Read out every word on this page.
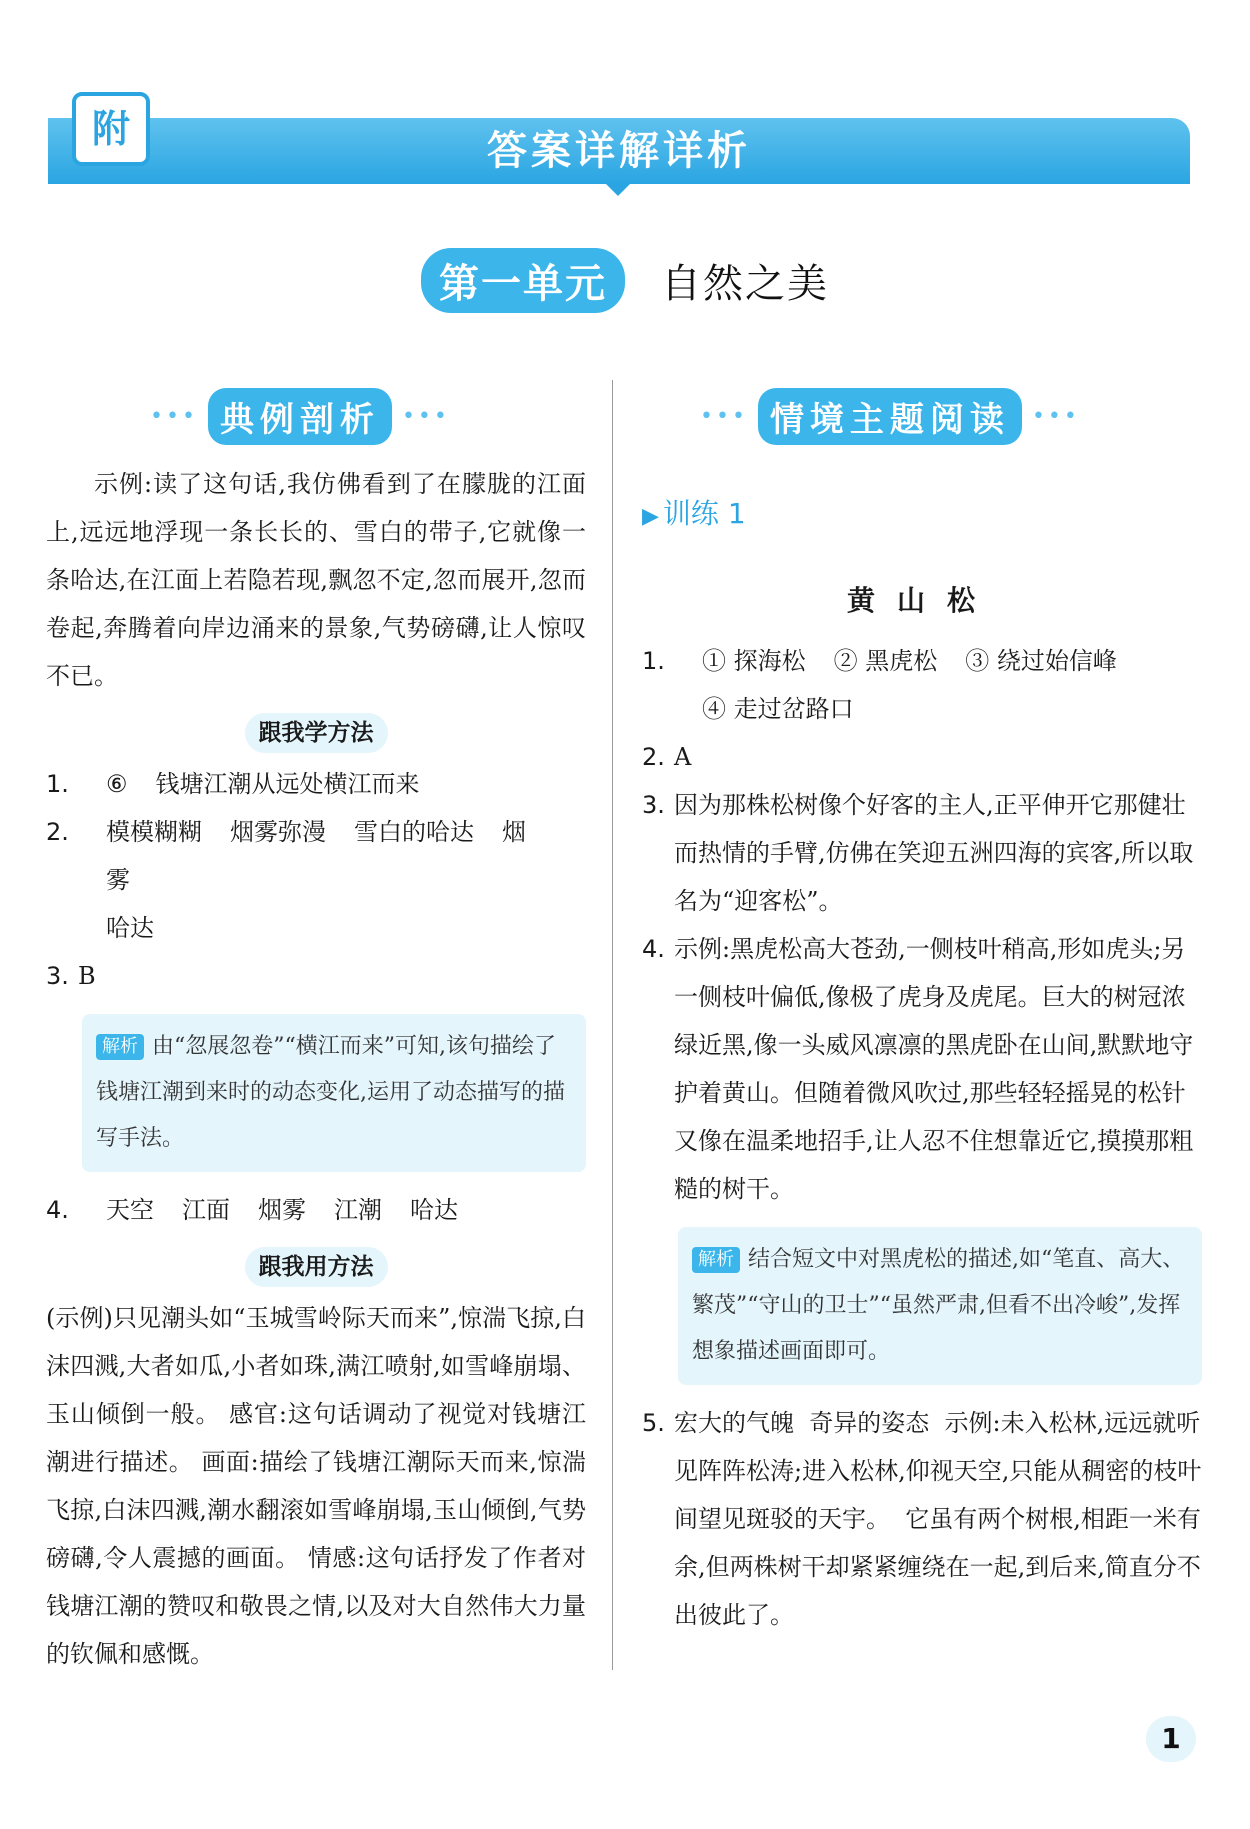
答案详解详析
附
第一单元	自然之美
••• 典例剖析	•••	••• 情境主题阅读	•••

示例:读了这句话,我仿佛看到了在朦胧的江面上,远远地浮现一条长长的、雪白的带子,它就像一条哈达,在江面上若隐若现,飘忽不定,忽而展开,忽而卷起,奔腾着向岸边涌来的景象,气势磅礴,让人惊叹不已。

跟我学方法
1.	⑥ 钱塘江潮从远处横江而来
2.	模模糊糊 烟雾弥漫 雪白的哈达 烟雾
哈达
3. B
解析 由“忽展忽卷”“横江而来”可知,该句描绘了钱塘江潮到来时的动态变化,运用了动态描写的描写手法。
4.	天空 江面 烟雾 江潮 哈达
跟我用方法

(示例)只见潮头如“玉城雪岭际天而来”,惊湍飞掠,白沫四溅,大者如瓜,小者如珠,满江喷射,如雪峰崩塌、玉山倾倒一般。 感官:这句话调动了视觉对钱塘江潮进行描述。 画面:描绘了钱塘江潮际天而来,惊湍飞掠,白沫四溅,潮水翻滚如雪峰崩塌,玉山倾倒,气势磅礴,令人震撼的画面。 情感:这句话抒发了作者对钱塘江潮的赞叹和敬畏之情,以及对大自然伟大力量的钦佩和感慨。

▶ 训练 1
黄山松
1.	① 探海松 ② 黑虎松 ③ 绕过始信峰
④ 走过岔路口
2. A
3. 因为那株松树像个好客的主人,正平伸开它那健壮而热情的手臂,仿佛在笑迎五洲四海的宾客,所以取名为“迎客松”。
4. 示例:黑虎松高大苍劲,一侧枝叶稍高,形如虎头;另一侧枝叶偏低,像极了虎身及虎尾。巨大的树冠浓绿近黑,像一头威风凛凛的黑虎卧在山间,默默地守护着黄山。但随着微风吹过,那些轻轻摇晃的松针又像在温柔地招手,让人忍不住想靠近它,摸摸那粗糙的树干。
解析 结合短文中对黑虎松的描述,如“笔直、高大、繁茂”“守山的卫士”“虽然严肃,但看不出冷峻”,发挥想象描述画面即可。
5. 宏大的气魄  奇异的姿态  示例:未入松林,远远就听见阵阵松涛;进入松林,仰视天空,只能从稠密的枝叶间望见斑驳的天宇。  它虽有两个树根,相距一米有余,但两株树干却紧紧缠绕在一起,到后来,简直分不出彼此了。
1
